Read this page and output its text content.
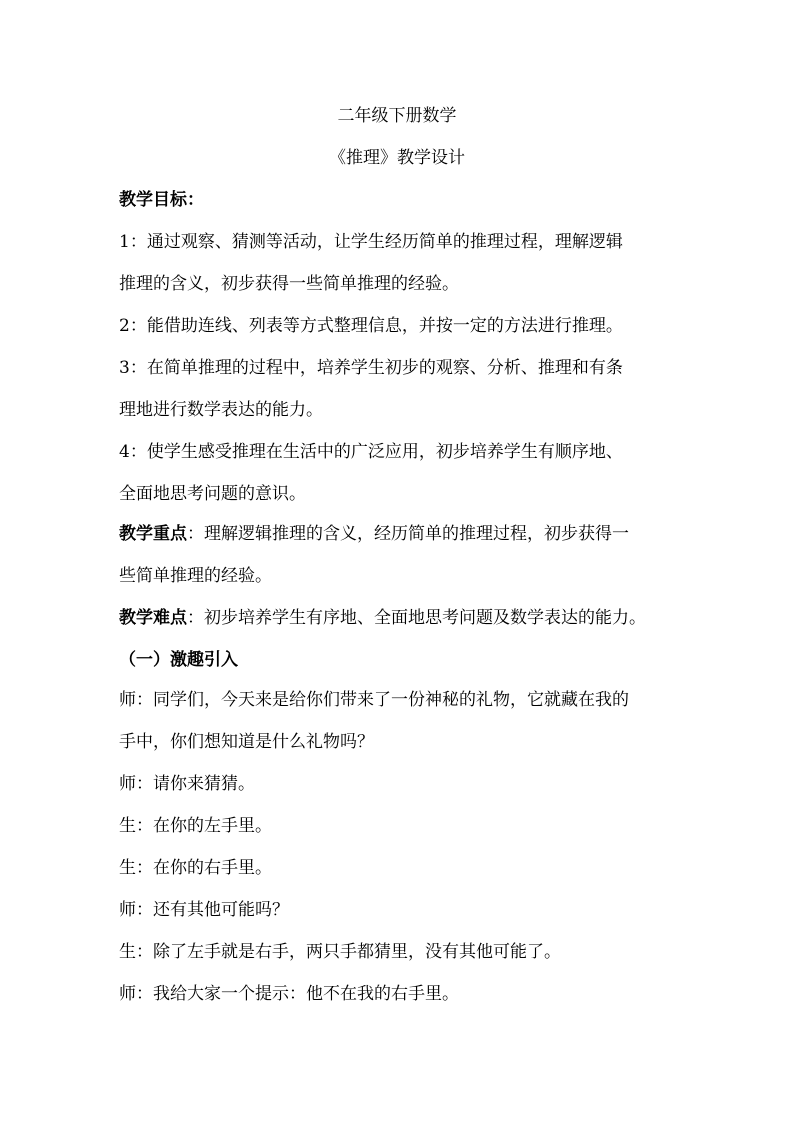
二年级下册数学
《推理》教学设计
教学目标：
1：通过观察、猜测等活动，让学生经历简单的推理过程，理解逻辑
推理的含义，初步获得一些简单推理的经验。
2：能借助连线、列表等方式整理信息，并按一定的方法进行推理。
3：在简单推理的过程中，培养学生初步的观察、分析、推理和有条
理地进行数学表达的能力。
4：使学生感受推理在生活中的广泛应用，初步培养学生有顺序地、
全面地思考问题的意识。
教学重点：理解逻辑推理的含义，经历简单的推理过程，初步获得一
些简单推理的经验。
教学难点：初步培养学生有序地、全面地思考问题及数学表达的能力。
（一）激趣引入
师：同学们，今天来是给你们带来了一份神秘的礼物，它就藏在我的
手中，你们想知道是什么礼物吗？
师：请你来猜猜。
生：在你的左手里。
生：在你的右手里。
师：还有其他可能吗？
生：除了左手就是右手，两只手都猜里，没有其他可能了。
师：我给大家一个提示：他不在我的右手里。
